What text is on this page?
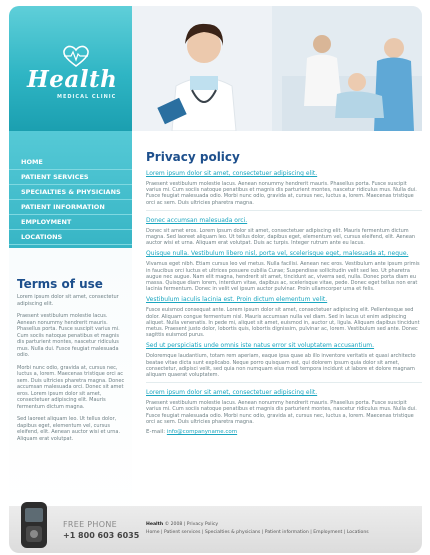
Health
MEDICAL CLINIC
HOME
PATIENT SERVICES
SPECIALTIES & PHYSICIANS
PATIENT INFORMATION
EMPLOYMENT
LOCATIONS
Terms of use

Lorem ipsum dolor sit amet, consectetur adipiscing elit.

Praesent vestibulum molestie lacus. Aenean nonummy hendrerit mauris. Phasellus porta. Fusce suscipit varius mi. Cum sociis natoque penatibus et magnis dis parturient montes, nascetur ridiculus mus. Nulla dui. Fusce feugiat malesuada odio.

Morbi nunc odio, gravida at, cursus nec, luctus a, lorem. Maecenas tristique orci ac sem. Duis ultricies pharetra magna. Donec accumsan malesuada orci. Donec sit amet eros. Lorem ipsum dolor sit amet, consectetuer adipiscing elit. Mauris fermentum dictum magna.

Sed laoreet aliquam leo. Ut tellus dolor, dapibus eget, elementum vel, cursus eleifend, elit. Aenean auctor wisi et urna. Aliquam erat volutpat.

Privacy policy
Lorem ipsum dolor sit amet, consectetuer adipiscing elit.

Praesent vestibulum molestie lacus. Aenean nonummy hendrerit mauris. Phasellus porta. Fusce suscipit varius mi. Cum sociis natoque penatibus et magnis dis parturient montes, nascetur ridiculus mus. Nulla dui. Fusce feugiat malesuada odio. Morbi nunc odio, gravida at, cursus nec, luctus a, lorem. Maecenas tristique orci ac sem. Duis ultricies pharetra magna.

Donec accumsan malesuada orci.

Donec sit amet eros. Lorem ipsum dolor sit amet, consectetuer adipiscing elit. Mauris fermentum dictum magna. Sed laoreet aliquam leo. Ut tellus dolor, dapibus eget, elementum vel, cursus eleifend, elit. Aenean auctor wisi et urna. Aliquam erat volutpat. Duis ac turpis. Integer rutrum ante eu lacus.

Quisque nulla. Vestibulum libero nisl, porta vel, scelerisque eget, malesuada at, neque.

Vivamus eget nibh. Etiam cursus leo vel metus. Nulla facilisi. Aenean nec eros. Vestibulum ante ipsum primis in faucibus orci luctus et ultrices posuere cubilia Curae; Suspendisse sollicitudin velit sed leo. Ut pharetra augue nec augue. Nam elit magna, hendrerit sit amet, tincidunt ac, viverra sed, nulla. Donec porta diam eu massa. Quisque diam lorem, interdum vitae, dapibus ac, scelerisque vitae, pede. Donec eget tellus non erat lacinia fermentum. Donec in velit vel ipsum auctor pulvinar. Proin ullamcorper urna et felis.

Vestibulum iaculis lacinia est. Proin dictum elementum velit.

Fusce euismod consequat ante. Lorem ipsum dolor sit amet, consectetuer adipiscing elit. Pellentesque sed dolor. Aliquam congue fermentum nisl. Mauris accumsan nulla vel diam. Sed in lacus ut enim adipiscing aliquet. Nulla venenatis. In pede mi, aliquet sit amet, euismod in, auctor ut, ligula. Aliquam dapibus tincidunt metus. Praesent justo dolor, lobortis quis, lobortis dignissim, pulvinar ac, lorem. Vestibulum sed ante. Donec sagittis euismod purus.

Sed ut perspiciatis unde omnis iste natus error sit voluptatem accusantium.

Doloremque laudantium, totam rem aperiam, eaque ipsa quae ab illo inventore veritatis et quasi architecto beatae vitae dicta sunt explicabo. Neque porro quisquam est, qui dolorem ipsum quia dolor sit amet, consectetur, adipisci velit, sed quia non numquam eius modi tempora incidunt ut labore et dolore magnam aliquam quaerat voluptatem.

Lorem ipsum dolor sit amet, consectetuer adipiscing elit.

Praesent vestibulum molestie lacus. Aenean nonummy hendrerit mauris. Phasellus porta. Fusce suscipit varius mi. Cum sociis natoque penatibus et magnis dis parturient montes, nascetur ridiculus mus. Nulla dui. Fusce feugiat malesuada odio. Morbi nunc odio, gravida at, cursus nec, luctus a, lorem. Maecenas tristique orci ac sem. Duis ultricies pharetra magna.

E-mail: info@companyname.com

FREE PHONE
+1 800 603 6035
Health © 2008 | Privacy Policy
Home | Patient services | Specialties & physicians | Patient information | Employment | Locations
